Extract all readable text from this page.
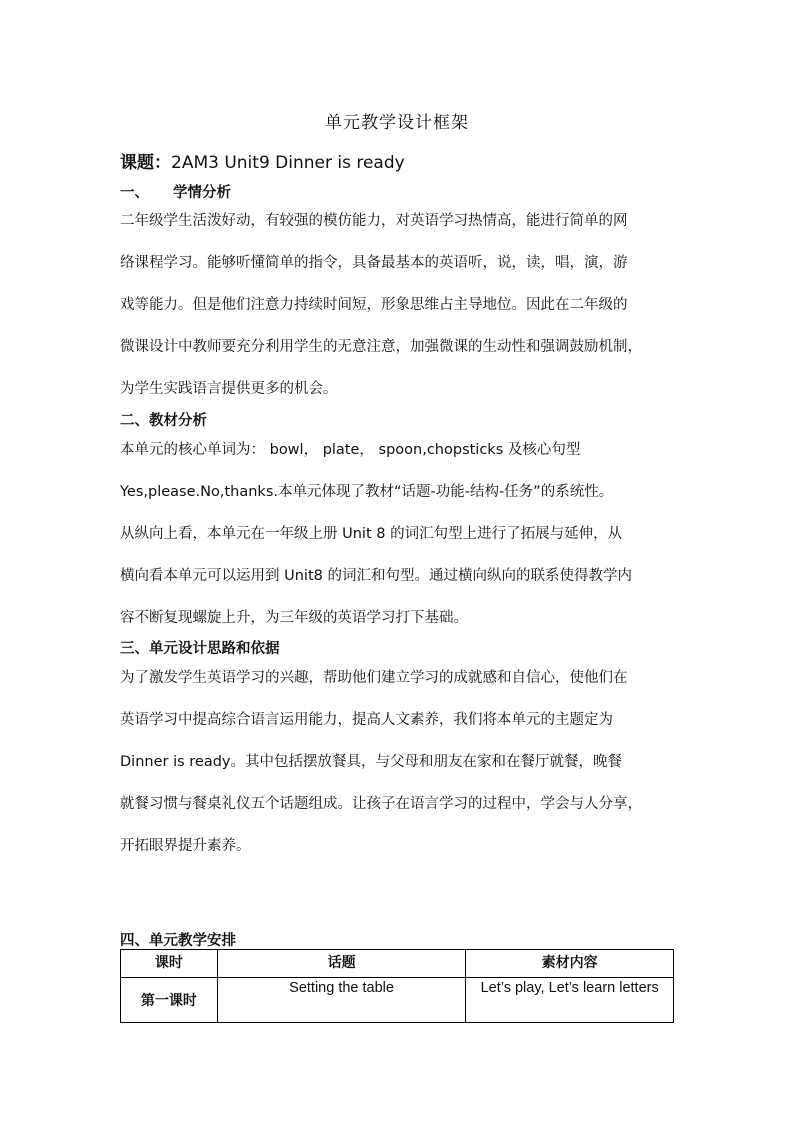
单元教学设计框架
课题：2AM3 Unit9 Dinner is ready
一、 学情分析
二年级学生活泼好动，有较强的模仿能力，对英语学习热情高，能进行简单的网
络课程学习。能够听懂简单的指令，具备最基本的英语听，说，读，唱，演，游
戏等能力。但是他们注意力持续时间短，形象思维占主导地位。因此在二年级的
微课设计中教师要充分利用学生的无意注意，加强微课的生动性和强调鼓励机制，
为学生实践语言提供更多的机会。
二、教材分析
本单元的核心单词为： bowl， plate， spoon,chopsticks 及核心句型
Yes,please.No,thanks.本单元体现了教材“话题-功能-结构-任务”的系统性。
从纵向上看，本单元在一年级上册 Unit 8 的词汇句型上进行了拓展与延伸，从
横向看本单元可以运用到 Unit8 的词汇和句型。通过横向纵向的联系使得教学内
容不断复现螺旋上升，为三年级的英语学习打下基础。
三、单元设计思路和依据
为了激发学生英语学习的兴趣，帮助他们建立学习的成就感和自信心，使他们在
英语学习中提高综合语言运用能力，提高人文素养，我们将本单元的主题定为
Dinner is ready。其中包括摆放餐具，与父母和朋友在家和在餐厅就餐，晚餐
就餐习惯与餐桌礼仪五个话题组成。让孩子在语言学习的过程中，学会与人分享，
开拓眼界提升素养。
四、单元教学安排
课时	话题	素材内容
第一课时	Setting the table	Let’s play, Let’s learn letters
